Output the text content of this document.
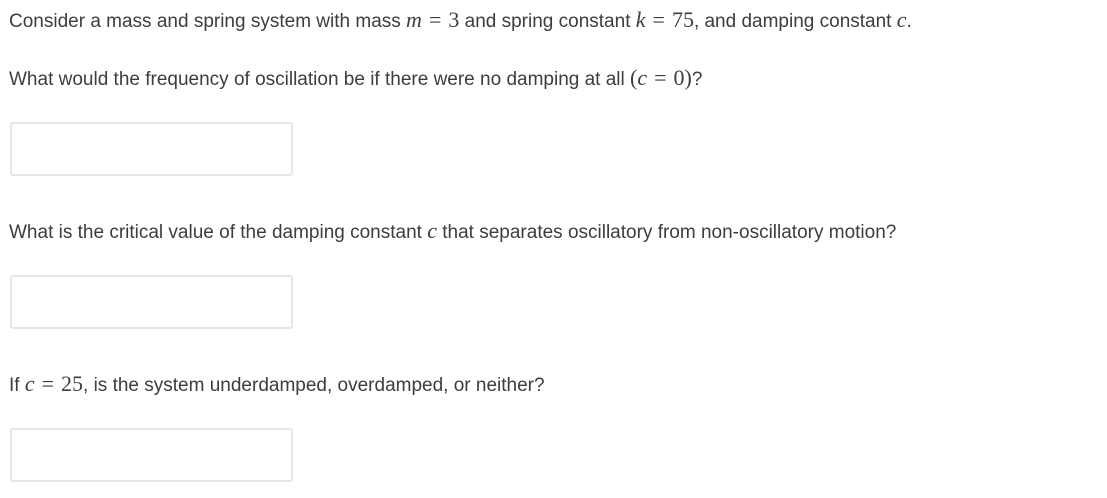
Consider a mass and spring system with mass m = 3 and spring constant k = 75, and damping constant c.
What would the frequency of oscillation be if there were no damping at all (c = 0)?
What is the critical value of the damping constant c that separates oscillatory from non-oscillatory motion?
If c = 25, is the system underdamped, overdamped, or neither?
